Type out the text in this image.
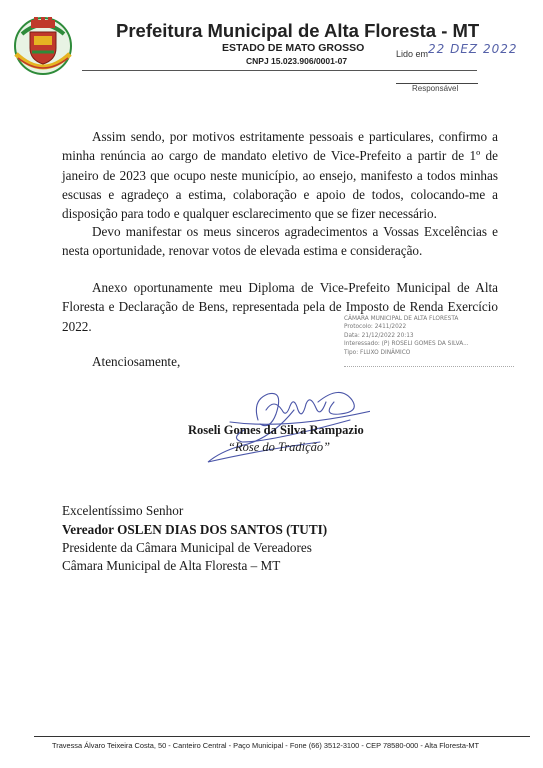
Prefeitura Municipal de Alta Floresta - MT
ESTADO DE MATO GROSSO
CNPJ 15.023.906/0001-07
Lido em 22 DEZ 2022
Responsável
Assim sendo, por motivos estritamente pessoais e particulares, confirmo a minha renúncia ao cargo de mandato eletivo de Vice-Prefeito a partir de 1º de janeiro de 2023 que ocupo neste município, ao ensejo, manifesto a todos minhas escusas e agradeço a estima, colaboração e apoio de todos, colocando-me a disposição para todo e qualquer esclarecimento que se fizer necessário.
Devo manifestar os meus sinceros agradecimentos a Vossas Excelências e nesta oportunidade, renovar votos de elevada estima e consideração.
Anexo oportunamente meu Diploma de Vice-Prefeito Municipal de Alta Floresta e Declaração de Bens, representada pela de Imposto de Renda Exercício 2022.	CÂMARA MUNICIPAL DE ALTA FLORESTA
Protocolo: 2411/2022
Data: 21/12/2022 20:13
Interessado: (P) ROSELI GOMES DA SILVA...
Tipo: FLUXO DINÂMICO
Atenciosamente,
Roseli Gomes da Silva Rampazio
“Rose do Tradição”
Excelentíssimo Senhor
Vereador OSLEN DIAS DOS SANTOS (TUTI)
Presidente da Câmara Municipal de Vereadores
Câmara Municipal de Alta Floresta – MT
Travessa Álvaro Teixeira Costa, 50 - Canteiro Central - Paço Municipal - Fone (66) 3512-3100 - CEP 78580-000 - Alta Floresta-MT
